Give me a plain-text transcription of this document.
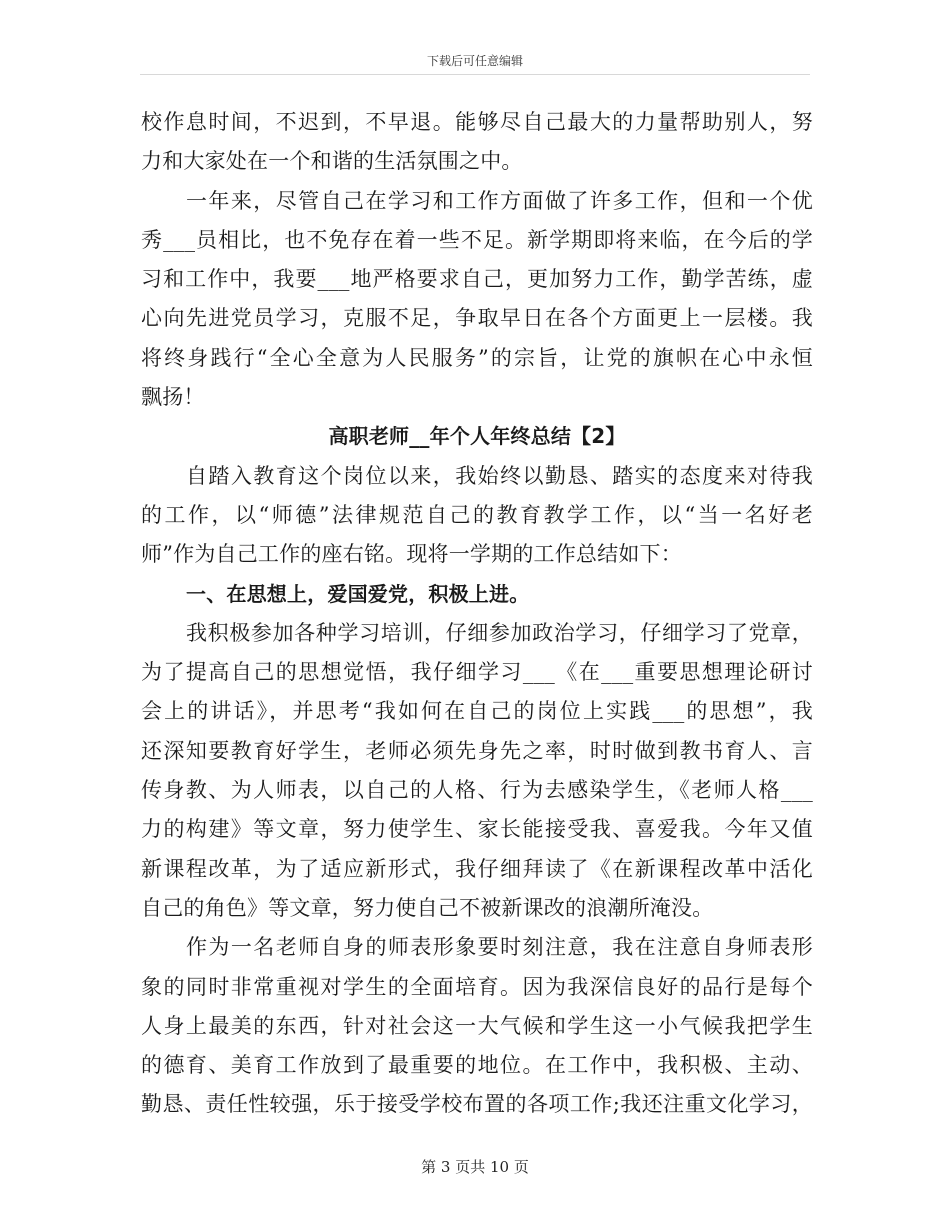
下载后可任意编辑
校作息时间，不迟到，不早退。能够尽自己最大的力量帮助别人，努
力和大家处在一个和谐的生活氛围之中。
一年来，尽管自己在学习和工作方面做了许多工作，但和一个优
秀___员相比，也不免存在着一些不足。新学期即将来临，在今后的学
习和工作中，我要___地严格要求自己，更加努力工作，勤学苦练，虚
心向先进党员学习，克服不足，争取早日在各个方面更上一层楼。我
将终身践行“全心全意为人民服务”的宗旨，让党的旗帜在心中永恒
飘扬！
高职老师__年个人年终总结【2】
自踏入教育这个岗位以来，我始终以勤恳、踏实的态度来对待我
的工作，以“师德”法律规范自己的教育教学工作，以“当一名好老
师”作为自己工作的座右铭。现将一学期的工作总结如下：
一、在思想上，爱国爱党，积极上进。
我积极参加各种学习培训，仔细参加政治学习，仔细学习了党章，
为了提高自己的思想觉悟，我仔细学习___《在___重要思想理论研讨
会上的讲话》，并思考“我如何在自己的岗位上实践___的思想”，我
还深知要教育好学生，老师必须先身先之率，时时做到教书育人、言
传身教、为人师表，以自己的人格、行为去感染学生，《老师人格___
力的构建》等文章，努力使学生、家长能接受我、喜爱我。今年又值
新课程改革，为了适应新形式，我仔细拜读了《在新课程改革中活化
自己的角色》等文章，努力使自己不被新课改的浪潮所淹没。
作为一名老师自身的师表形象要时刻注意，我在注意自身师表形
象的同时非常重视对学生的全面培育。因为我深信良好的品行是每个
人身上最美的东西，针对社会这一大气候和学生这一小气候我把学生
的德育、美育工作放到了最重要的地位。在工作中，我积极、主动、
勤恳、责任性较强，乐于接受学校布置的各项工作;我还注重文化学习，
第 3 页共 10 页
